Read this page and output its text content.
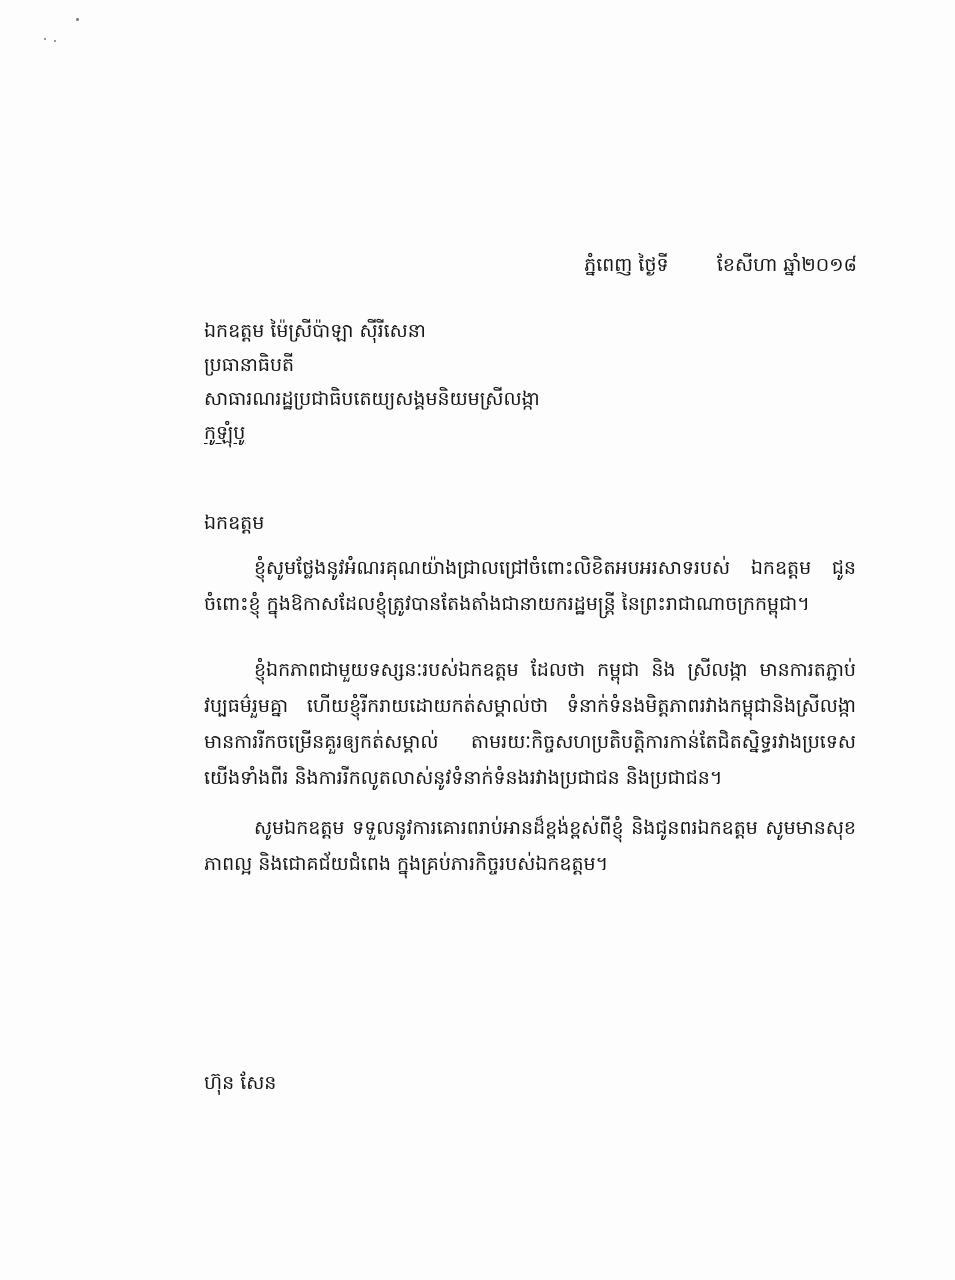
ភ្នំពេញ ថ្ងៃទី        ខែសីហា ឆ្នាំ២០១៨
ឯកឧត្តម ម៉ៃស្រីប៉ាឡា ស៊ីរីសេនា
ប្រធានាធិបតី
សាធារណរដ្ឋប្រជាធិបតេយ្យសង្គមនិយមស្រីលង្កា
កូឡុំបូ
ឯកឧត្តម

ខ្ញុំសូមថ្លែងនូវអំណរគុណយ៉ាងជ្រាលជ្រៅចំពោះលិខិតអបអរសាទរបស់ ឯកឧត្តម ជូនចំពោះខ្ញុំ ក្នុងឱកាសដែលខ្ញុំត្រូវបានតែងតាំងជានាយករដ្ឋមន្ត្រី នៃព្រះរាជាណាចក្រកម្ពុជា។

ខ្ញុំឯកភាពជាមួយទស្សនៈរបស់ឯកឧត្តម ដែលថា កម្ពុជា និង ស្រីលង្កា មានការតភ្ជាប់វប្បធម៌រួមគ្នា ហើយខ្ញុំរីករាយដោយកត់សម្គាល់ថា ទំនាក់ទំនងមិត្តភាពរវាងកម្ពុជានិងស្រីលង្កាមានការរីកចម្រើនគួរឲ្យកត់សម្គាល់ តាមរយៈកិច្ចសហប្រតិបត្តិការកាន់តែជិតស្និទ្ធរវាងប្រទេសយើងទាំងពីរ និងការរីកលូតលាស់នូវទំនាក់ទំនងរវាងប្រជាជន និងប្រជាជន។

សូមឯកឧត្តម ទទួលនូវការគោរពរាប់អានដ៏ខ្ពង់ខ្ពស់ពីខ្ញុំ និងជូនពរឯកឧត្តម សូមមានសុខភាពល្អ និងជោគជ័យជំពេង ក្នុងគ្រប់ភារកិច្ចរបស់ឯកឧត្តម។

ហ៊ុន សែន
